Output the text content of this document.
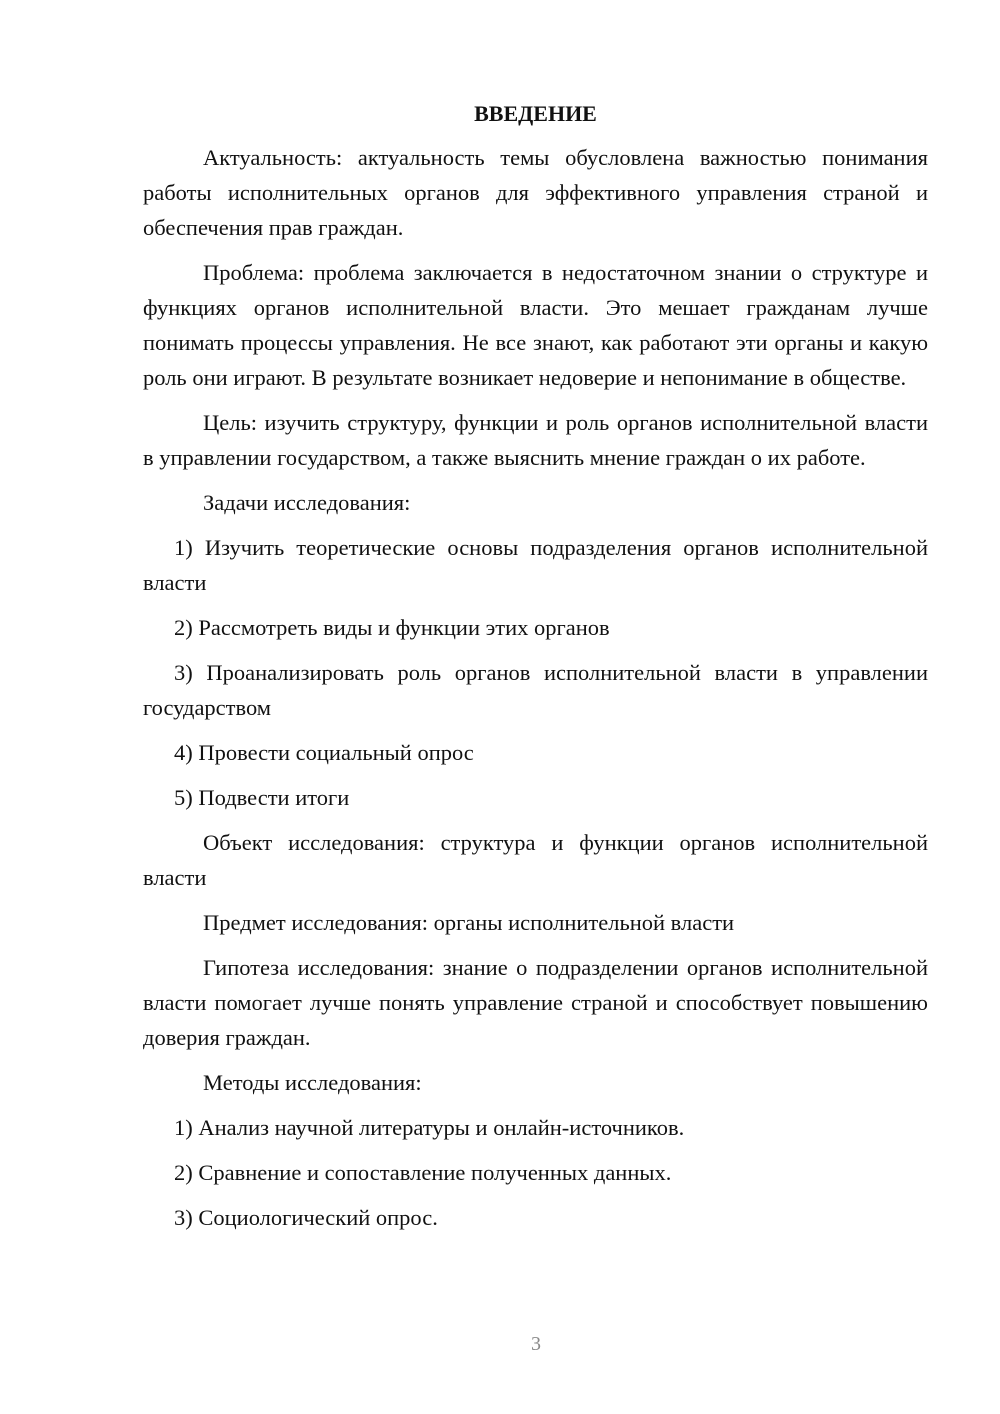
ВВЕДЕНИЕ

Актуальность: актуальность темы обусловлена важностью понимания работы исполнительных органов для эффективного управления страной и обеспечения прав граждан.

Проблема: проблема заключается в недостаточном знании о структуре и функциях органов исполнительной власти. Это мешает гражданам лучше понимать процессы управления. Не все знают, как работают эти органы и какую роль они играют. В результате возникает недоверие и непонимание в обществе.

Цель: изучить структуру, функции и роль органов исполнительной власти в управлении государством, а также выяснить мнение граждан о их работе.

Задачи исследования:

1) Изучить теоретические основы подразделения органов исполнительной власти

2) Рассмотреть виды и функции этих органов

3) Проанализировать роль органов исполнительной власти в управлении государством

4) Провести социальный опрос

5) Подвести итоги

Объект исследования: структура и функции органов исполнительной власти

Предмет исследования: органы исполнительной власти

Гипотеза исследования: знание о подразделении органов исполнительной власти помогает лучше понять управление страной и способствует повышению доверия граждан.

Методы исследования:

1) Анализ научной литературы и онлайн-источников.

2) Сравнение и сопоставление полученных данных.

3) Социологический опрос.

3
